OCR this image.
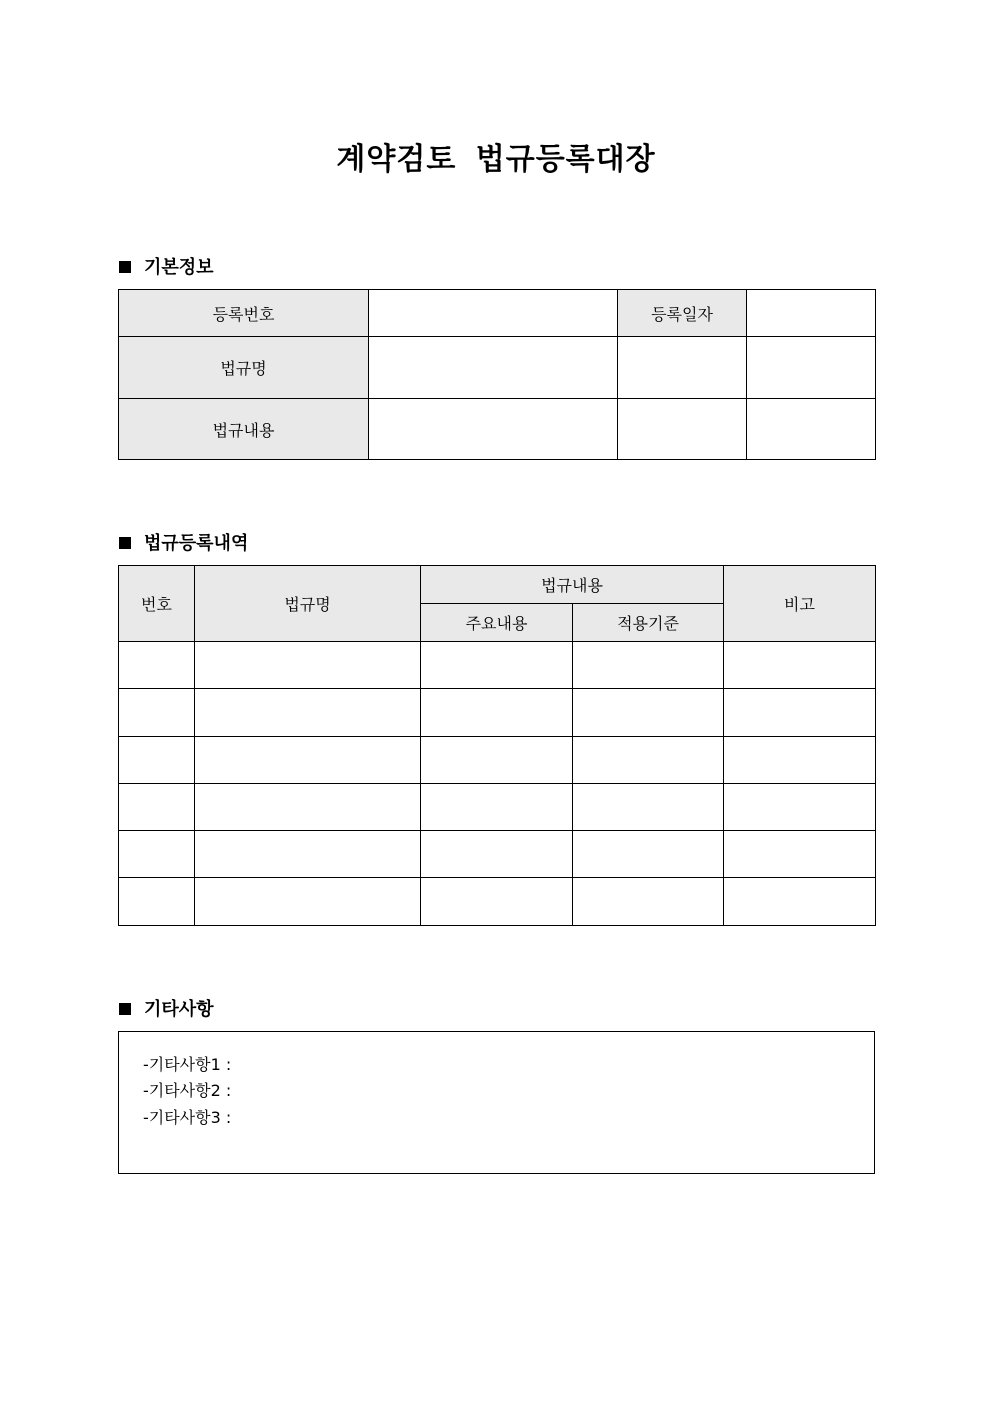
계약검토 법규등록대장
기본정보
등록번호		등록일자	
법규명			
법규내용			
법규등록내역
번호	법규명	법규내용		비고
		주요내용	적용기준	

기타사항
-기타사항1 :
-기타사항2 :
-기타사항3 :
